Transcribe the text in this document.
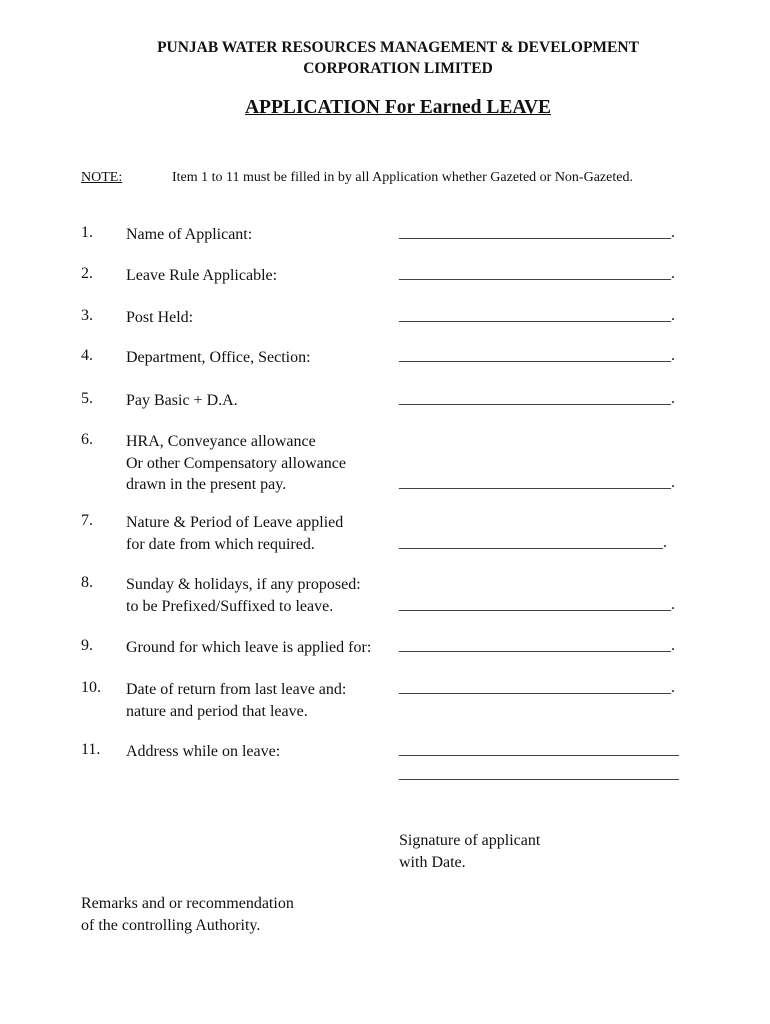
PUNJAB WATER RESOURCES MANAGEMENT & DEVELOPMENT
CORPORATION LIMITED
APPLICATION For Earned LEAVE
NOTE:	Item 1 to 11 must be filled in by all Application whether Gazeted or Non-Gazeted.
1. Name of Applicant:	__________________________________.
2. Leave Rule Applicable:	__________________________________.
3. Post Held:	__________________________________.
4. Department, Office, Section:	__________________________________.
5. Pay Basic + D.A.	__________________________________.
6. HRA, Conveyance allowance
Or other Compensatory allowance
drawn in the present pay.	__________________________________.
7. Nature & Period of Leave applied
for date from which required.	_________________________________.
8. Sunday & holidays, if any proposed:
to be Prefixed/Suffixed to leave.	__________________________________.
9. Ground for which leave is applied for: __________________________________.
10. Date of return from last leave and:
nature and period that leave.
__________________________________.
11. Address while on leave:	___________________________________
___________________________________
Signature of applicant
with Date.
Remarks and or recommendation
of the controlling Authority.
